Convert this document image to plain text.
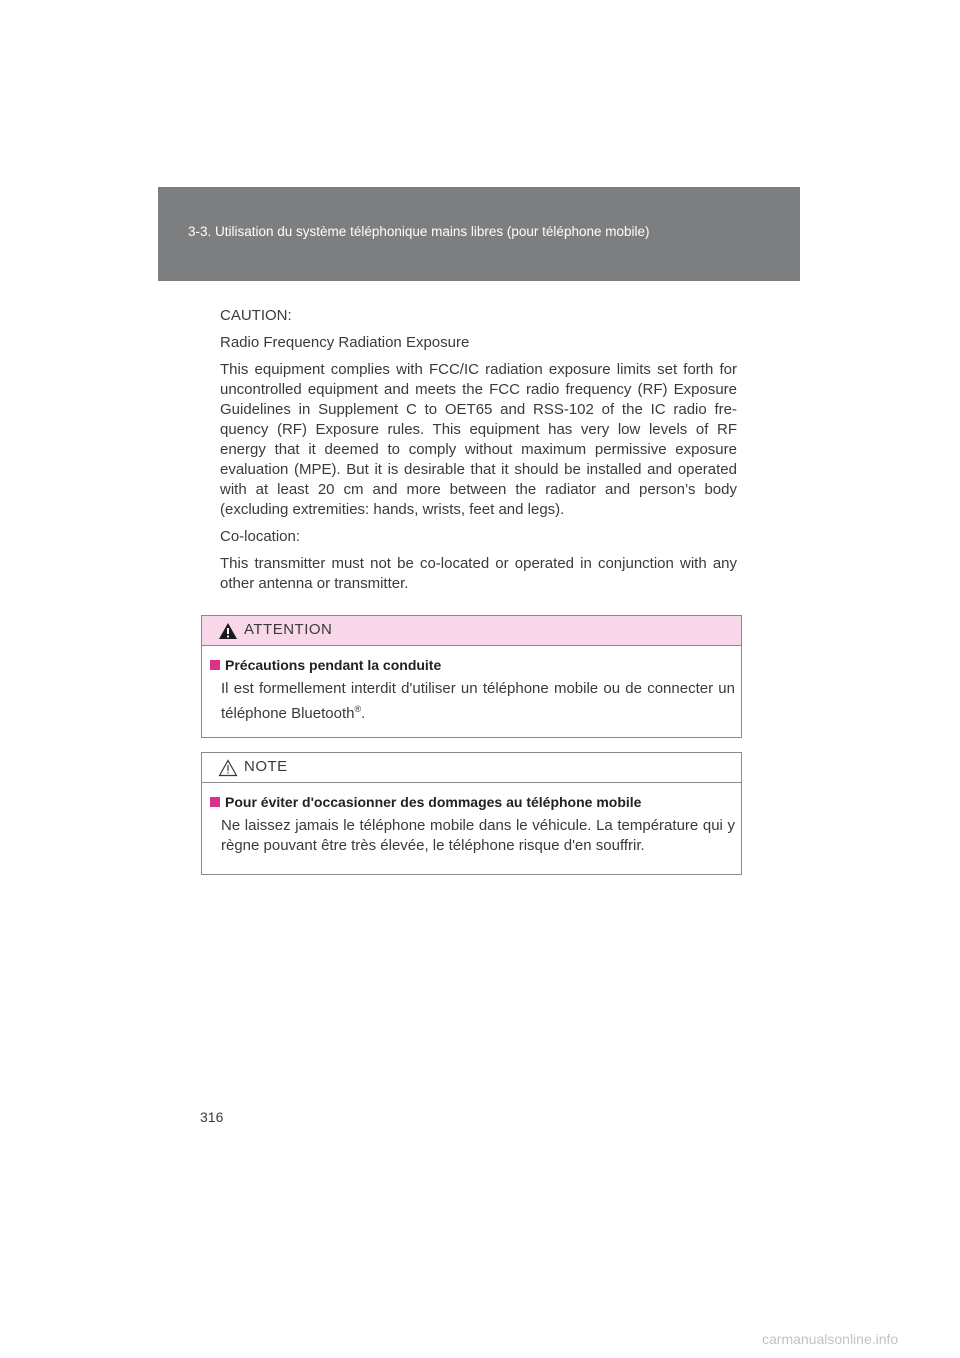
3-3. Utilisation du système téléphonique mains libres (pour téléphone mobile)

CAUTION:

Radio Frequency Radiation Exposure

This equipment complies with FCC/IC radiation exposure limits set forth for uncontrolled equipment and meets the FCC radio frequency (RF) Exposure Guidelines in Supplement C to OET65 and RSS-102 of the IC radio fre-quency (RF) Exposure rules. This equipment has very low levels of RF energy that it deemed to comply without maximum permissive exposure evaluation (MPE). But it is desirable that it should be installed and operated with at least 20 cm and more between the radiator and person’s body (excluding extremities: hands, wrists, feet and legs).

Co-location:

This transmitter must not be co-located or operated in conjunction with any other antenna or transmitter.

ATTENTION
Précautions pendant la conduite
Il est formellement interdit d'utiliser un téléphone mobile ou de connecter un téléphone Bluetooth®.
NOTE
Pour éviter d'occasionner des dommages au téléphone mobile
Ne laissez jamais le téléphone mobile dans le véhicule. La température qui y règne pouvant être très élevée, le téléphone risque d'en souffrir.
316
carmanualsonline.info
